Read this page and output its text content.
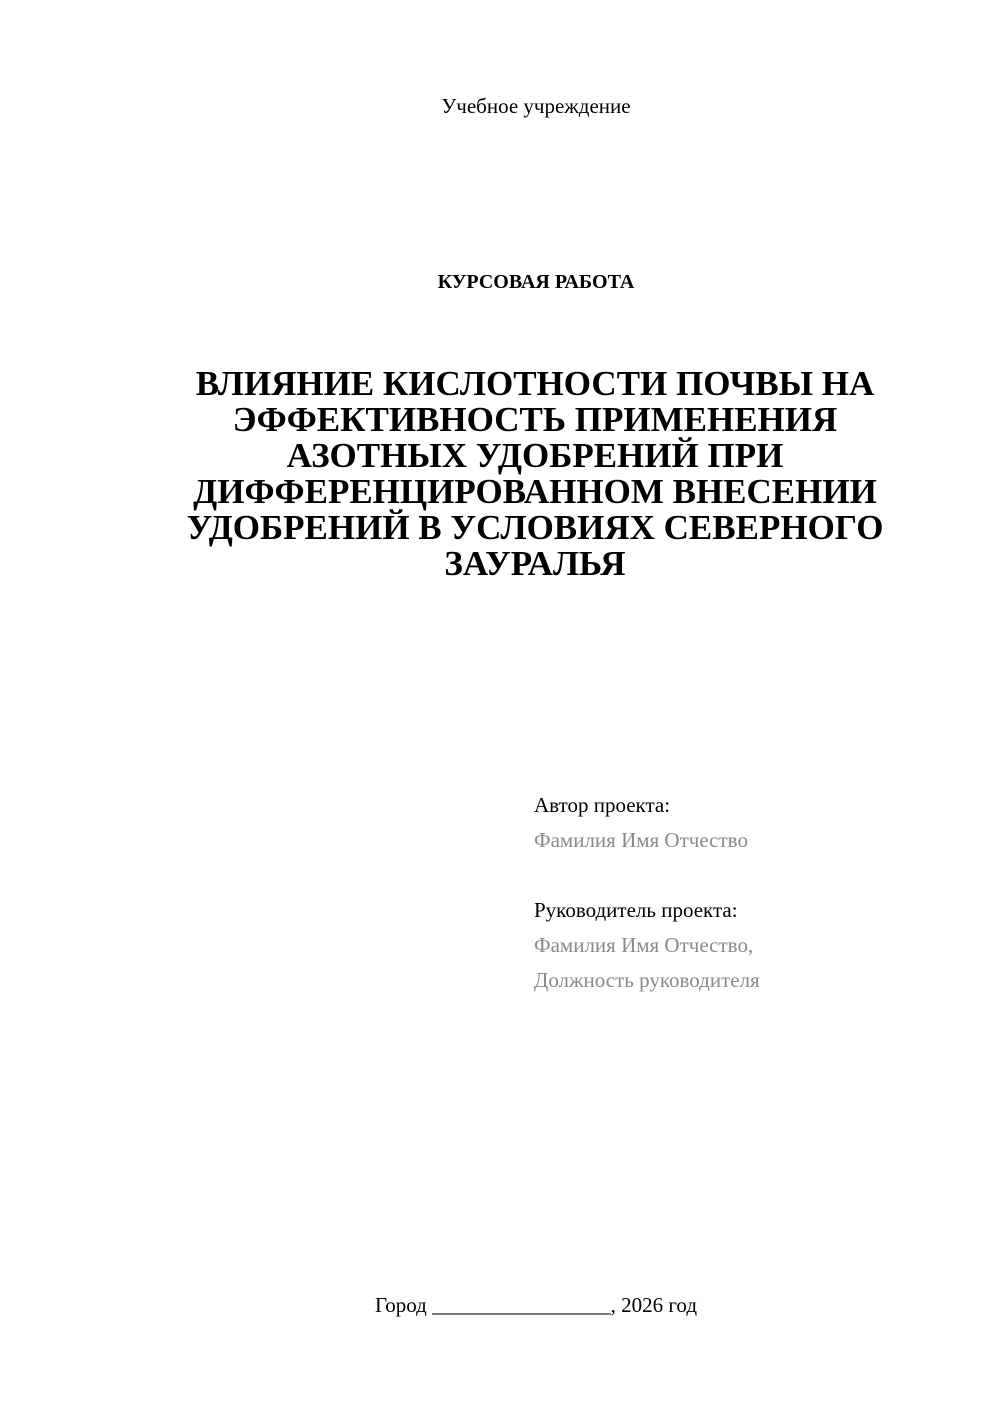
Учебное учреждение
КУРСОВАЯ РАБОТА
ВЛИЯНИЕ КИСЛОТНОСТИ ПОЧВЫ НА
ЭФФЕКТИВНОСТЬ ПРИМЕНЕНИЯ
АЗОТНЫХ УДОБРЕНИЙ ПРИ
ДИФФЕРЕНЦИРОВАННОМ ВНЕСЕНИИ
УДОБРЕНИЙ В УСЛОВИЯХ СЕВЕРНОГО
ЗАУРАЛЬЯ
Автор проекта:
Фамилия Имя Отчество
Руководитель проекта:
Фамилия Имя Отчество,
Должность руководителя
Город _________________, 2026 год
